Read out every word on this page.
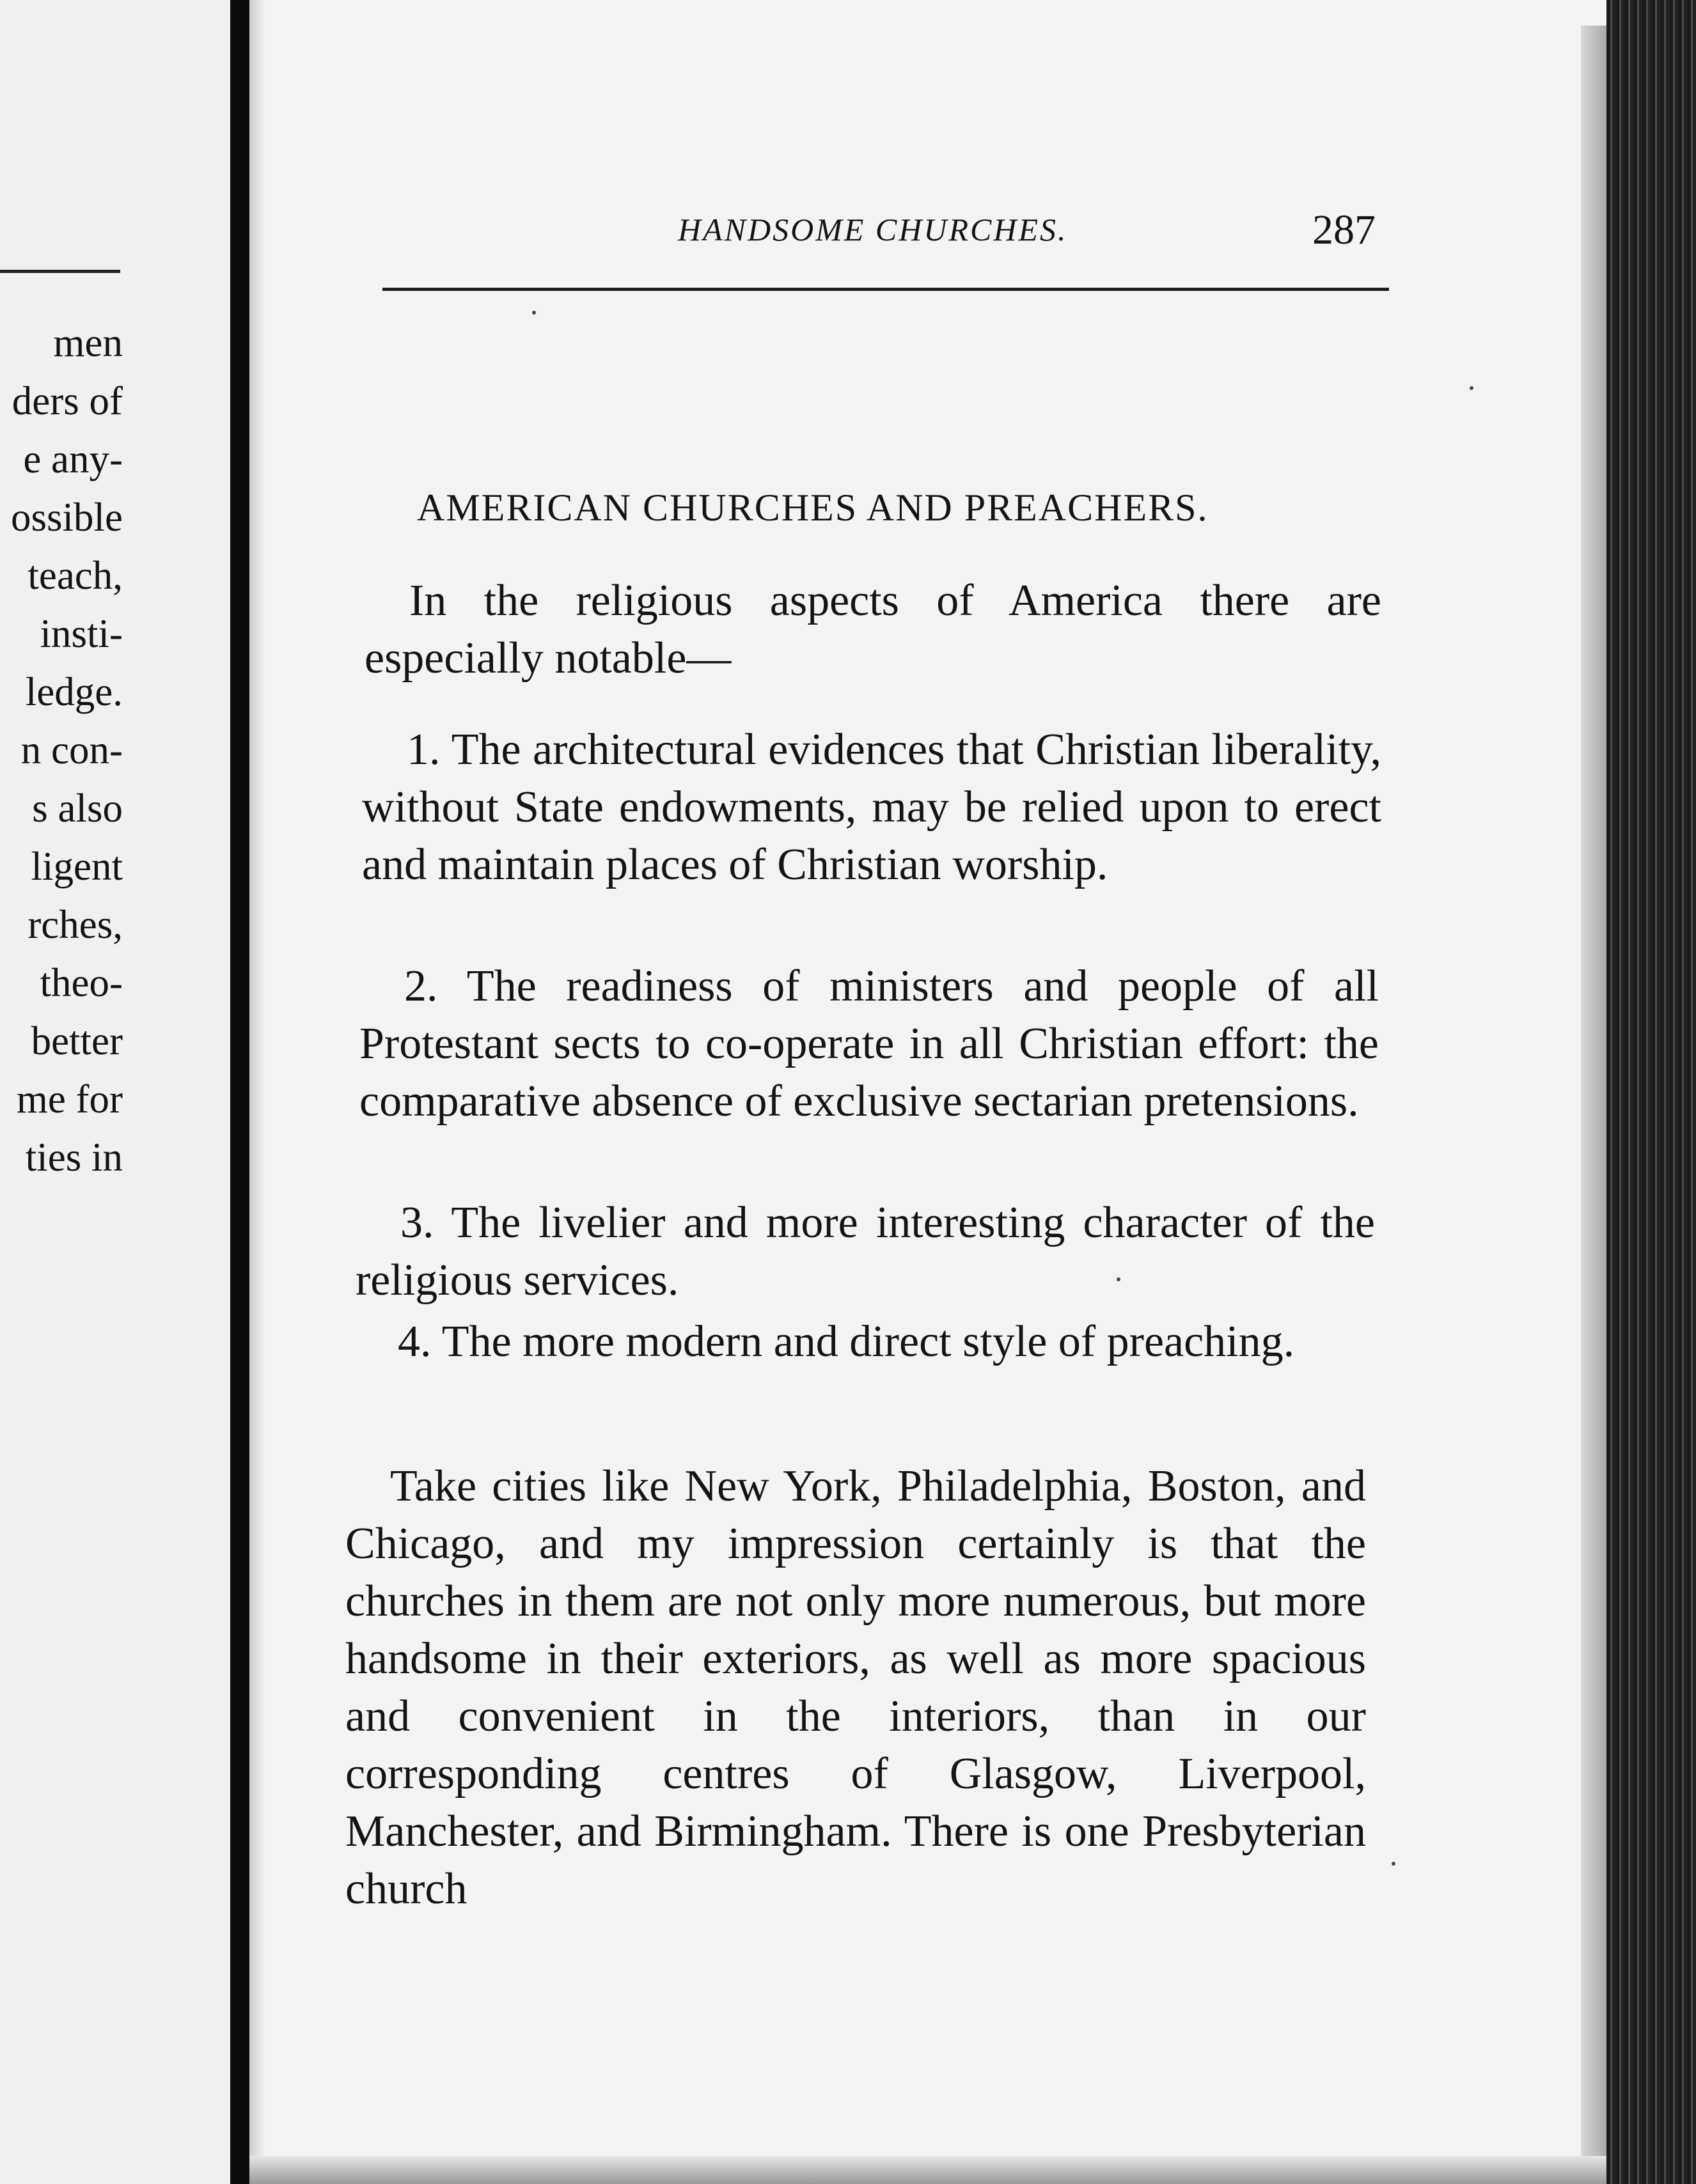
men
ders of
e any-
ossible
teach,
insti-
ledge.
n con-
s also
ligent
rches,
theo-
better
me for
ties in
HANDSOME CHURCHES.	287
AMERICAN CHURCHES AND PREACHERS.

In the religious aspects of America there are especially notable—

1. The architectural evidences that Christian liberality, without State endowments, may be relied upon to erect and maintain places of Christian worship.

2. The readiness of ministers and people of all Protestant sects to co-operate in all Christian effort: the comparative absence of exclusive sectarian pretensions.

3. The livelier and more interesting character of the religious services.

4. The more modern and direct style of preaching.

Take cities like New York, Philadelphia, Boston, and Chicago, and my impression certainly is that the churches in them are not only more numerous, but more handsome in their exteriors, as well as more spacious and convenient in the interiors, than in our corresponding centres of Glasgow, Liverpool, Manchester, and Birmingham. There is one Presbyterian church
